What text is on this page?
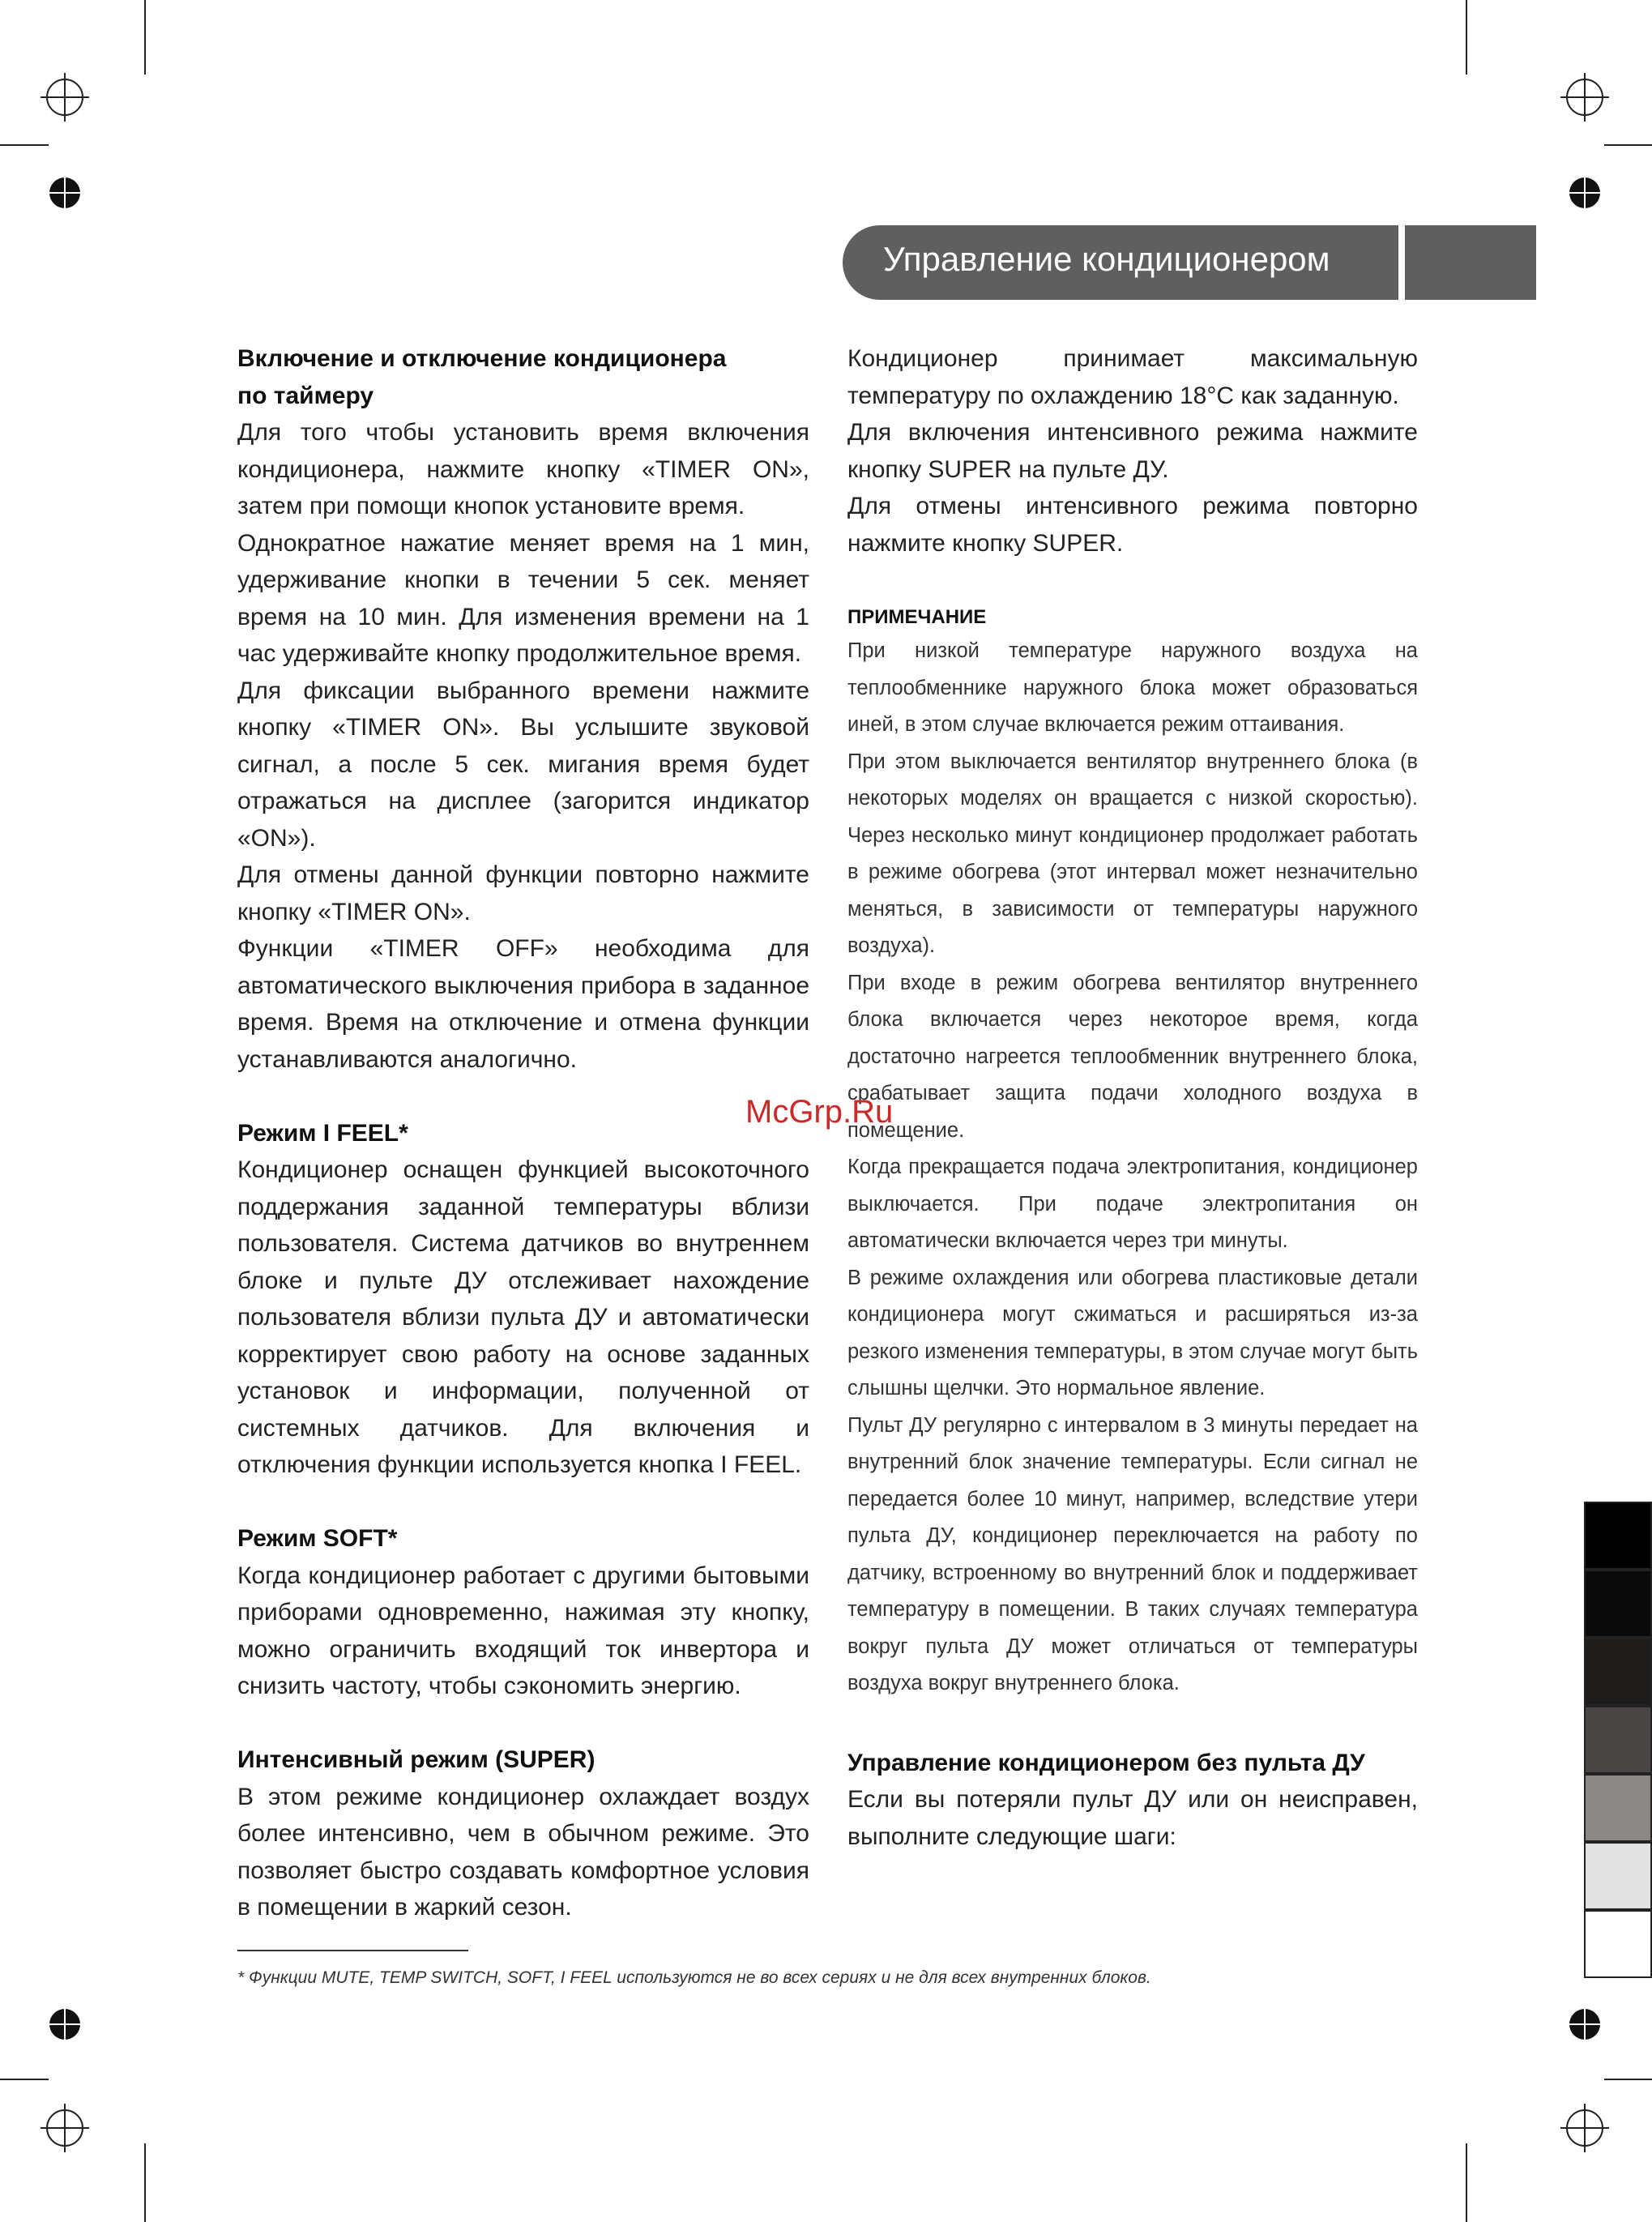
Управление кондиционером
Включение и отключение кондиционера
по таймеру

Для того чтобы установить время включения кондиционера, нажмите кнопку «TIMER ON», затем при помощи кнопок установите время.

Однократное нажатие меняет время на 1 мин, удерживание кнопки в течении 5 сек. меняет время на 10 мин. Для изменения времени на 1 час удерживайте кнопку продолжительное время.

Для фиксации выбранного времени нажмите кнопку «TIMER ON». Вы услышите звуковой сигнал, а после 5 сек. мигания время будет отражаться на дисплее (загорится индикатор «ON»).

Для отмены данной функции повторно нажмите кнопку «TIMER ON».

Функции «TIMER OFF» необходима для автоматического выключения прибора в заданное время. Время на отключение и отмена функции устанавливаются аналогично.

Режим I FEEL*

Кондиционер оснащен функцией высокоточного поддержания заданной температуры вблизи пользователя. Система датчиков во внутреннем блоке и пульте ДУ отслеживает нахождение пользователя вблизи пульта ДУ и автоматически корректирует свою работу на основе заданных установок и информации, полученной от системных датчиков. Для включения и отключения функции используется кнопка I FEEL.

Режим SOFT*

Когда кондиционер работает с другими бытовыми приборами одновременно, нажимая эту кнопку, можно ограничить входящий ток инвертора и снизить частоту, чтобы сэкономить энергию.

Интенсивный режим (SUPER)

В этом режиме кондиционер охлаждает воздух более интенсивно, чем в обычном режиме. Это позволяет быстро создавать комфортное условия в помещении в жаркий сезон.

Кондиционер принимает максимальную температуру по охлаждению 18°С как заданную.

Для включения интенсивного режима нажмите кнопку SUPER на пульте ДУ.

Для отмены интенсивного режима повторно нажмите кнопку SUPER.

ПРИМЕЧАНИЕ

При низкой температуре наружного воздуха на теплообменнике наружного блока может образоваться иней, в этом случае включается режим оттаивания.

При этом выключается вентилятор внутреннего блока (в некоторых моделях он вращается с низкой скоростью). Через несколько минут кондиционер продолжает работать в режиме обогрева (этот интервал может незначительно меняться, в зависимости от температуры наружного воздуха).

При входе в режим обогрева вентилятор внутреннего блока включается через некоторое время, когда достаточно нагреется теплообменник внутреннего блока, срабатывает защита подачи холодного воздуха в помещение.

Когда прекращается подача электропитания, кондиционер выключается. При подаче электропитания он автоматически включается через три минуты.

В режиме охлаждения или обогрева пластиковые детали кондиционера могут сжиматься и расширяться из-за резкого изменения температуры, в этом случае могут быть слышны щелчки. Это нормальное явление.

Пульт ДУ регулярно с интервалом в 3 минуты передает на внутренний блок значение температуры. Если сигнал не передается более 10 минут, например, вследствие утери пульта ДУ, кондиционер переключается на работу по датчику, встроенному во внутренний блок и поддерживает температуру в помещении. В таких случаях температура вокруг пульта ДУ может отличаться от температуры воздуха вокруг внутреннего блока.

Управление кондиционером без пульта ДУ

Если вы потеряли пульт ДУ или он неисправен, выполните следующие шаги:

McGrp.Ru
* Функции MUTE, TEMP SWITCH, SOFT, I FEEL используются не во всех сериях и не для всех внутренних блоков.
